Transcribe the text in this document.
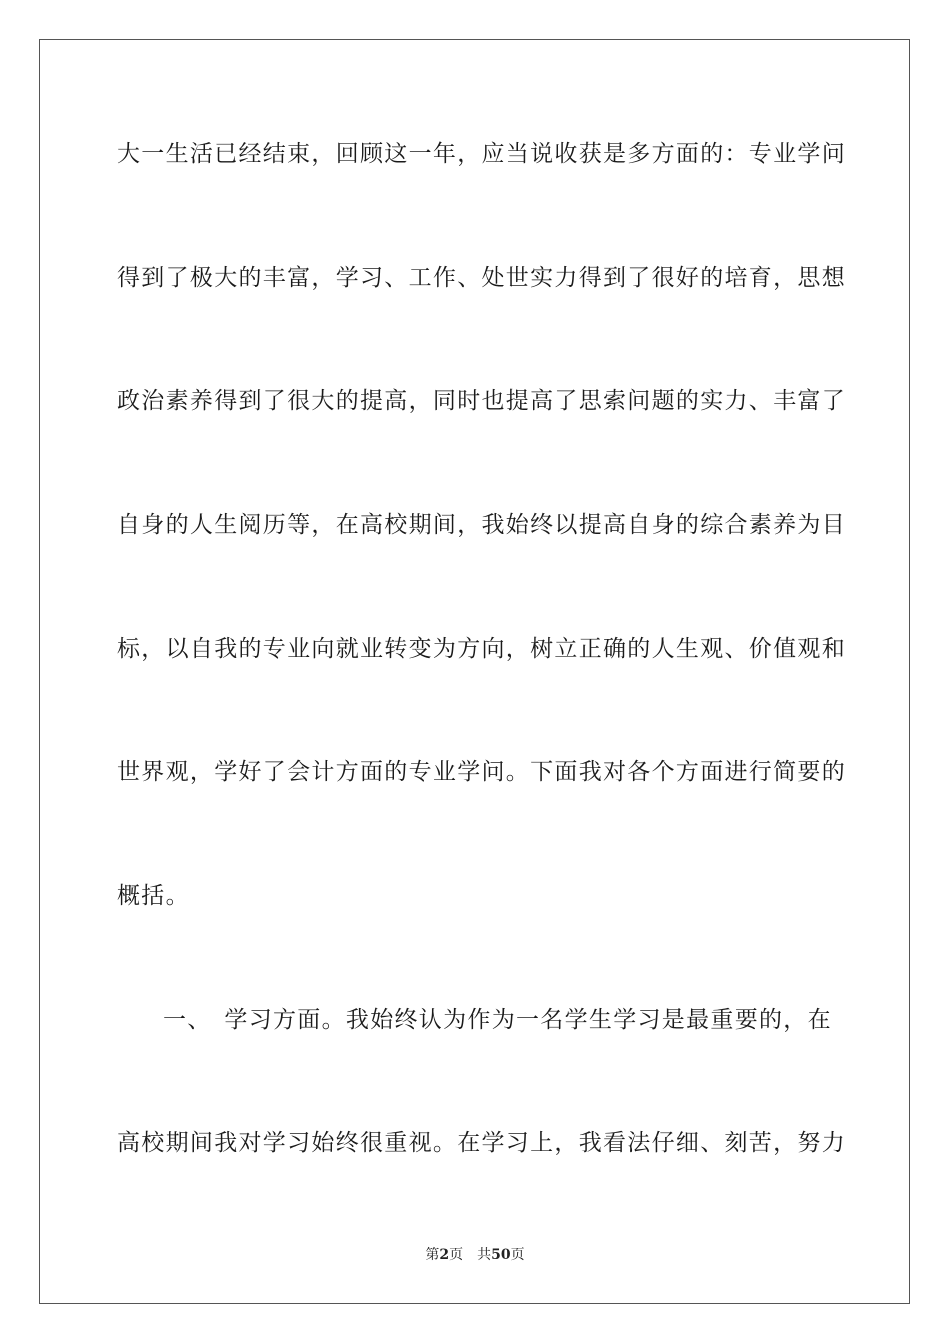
大一生活已经结束，回顾这一年，应当说收获是多方面的：专业学问
得到了极大的丰富，学习、工作、处世实力得到了很好的培育，思想
政治素养得到了很大的提高，同时也提高了思索问题的实力、丰富了
自身的人生阅历等，在高校期间，我始终以提高自身的综合素养为目
标，以自我的专业向就业转变为方向，树立正确的人生观、价值观和
世界观，学好了会计方面的专业学问。下面我对各个方面进行简要的
概括。
一、　学习方面。我始终认为作为一名学生学习是最重要的，在
高校期间我对学习始终很重视。在学习上，我看法仔细、刻苦，努力
第2页 共50页
